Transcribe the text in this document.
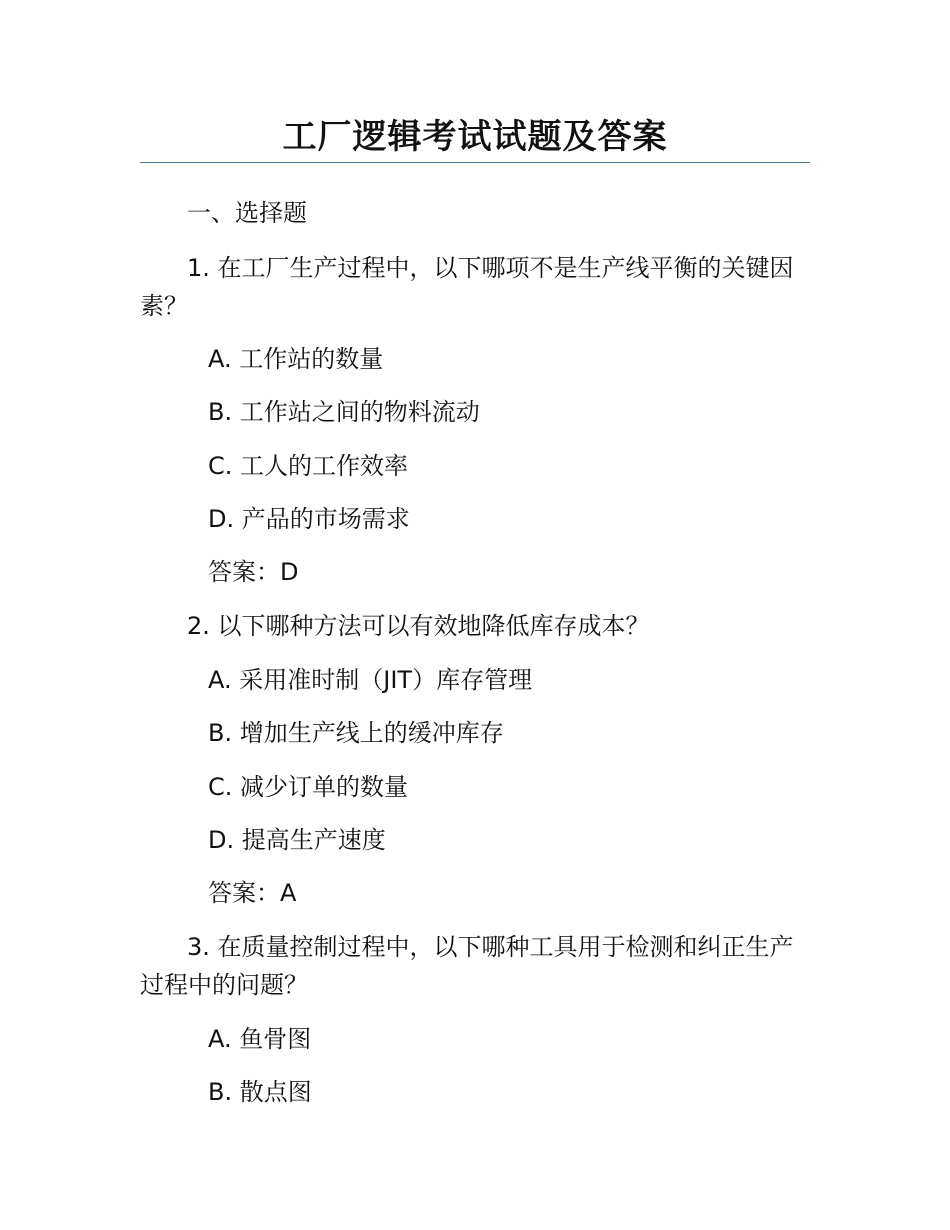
工厂逻辑考试试题及答案
一、选择题
1. 在工厂生产过程中，以下哪项不是生产线平衡的关键因素？
A. 工作站的数量
B. 工作站之间的物料流动
C. 工人的工作效率
D. 产品的市场需求
答案：D
2. 以下哪种方法可以有效地降低库存成本？
A. 采用准时制（JIT）库存管理
B. 增加生产线上的缓冲库存
C. 减少订单的数量
D. 提高生产速度
答案：A
3. 在质量控制过程中，以下哪种工具用于检测和纠正生产过程中的问题？
A. 鱼骨图
B. 散点图
